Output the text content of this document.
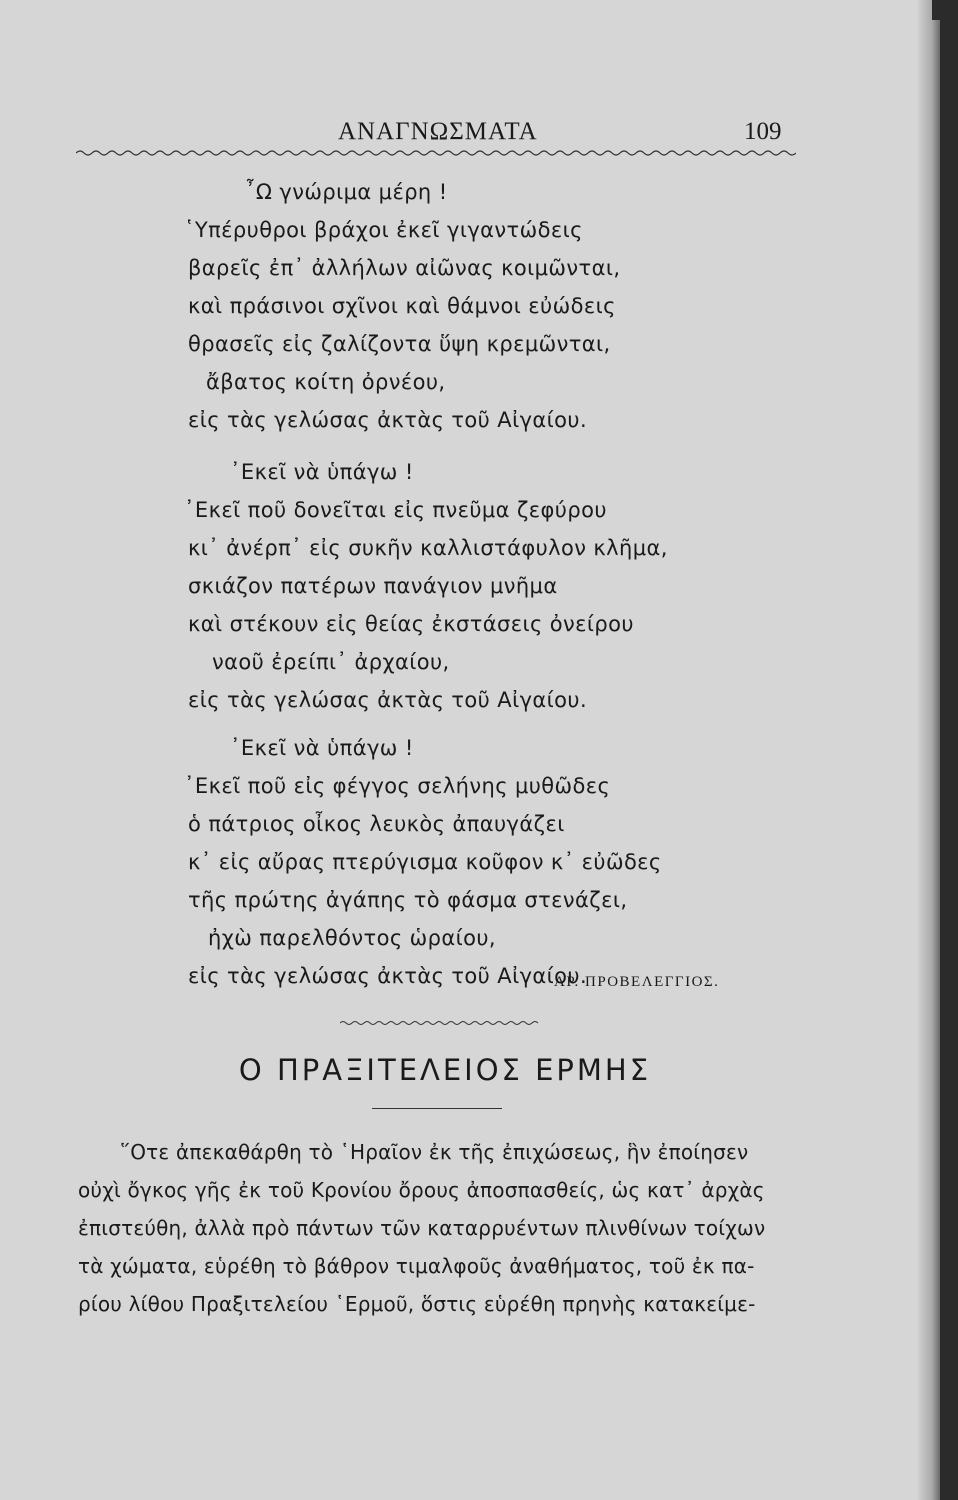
ΑΝΑΓΝΩΣΜΑΤΑ	109
῏Ω γνώριμα μέρη !
῾Υπέρυθροι βράχοι ἐκεῖ γιγαντώδεις
βαρεῖς ἐπ᾽ ἀλλήλων αἰῶνας κοιμῶνται,
καὶ πράσινοι σχῖνοι καὶ θάμνοι εὐώδεις
θρασεῖς εἰς ζαλίζοντα ὕψη κρεμῶνται,
ἄβατος κοίτη ὀρνέου,
εἰς τὰς γελώσας ἀκτὰς τοῦ Αἰγαίου.
᾿Εκεῖ νὰ ὑπάγω !
᾿Εκεῖ ποῦ δονεῖται εἰς πνεῦμα ζεφύρου
κι᾽ ἀνέρπ᾽ εἰς συκῆν καλλιστάφυλον κλῆμα,
σκιάζον πατέρων πανάγιον μνῆμα
καὶ στέκουν εἰς θείας ἐκστάσεις ὀνείρου
ναοῦ ἐρείπι᾽ ἀρχαίου,
εἰς τὰς γελώσας ἀκτὰς τοῦ Αἰγαίου.
᾿Εκεῖ νὰ ὑπάγω !
᾿Εκεῖ ποῦ εἰς φέγγος σελήνης μυθῶδες
ὁ πάτριος οἶκος λευκὸς ἀπαυγάζει
κ᾽ εἰς αὔρας πτερύγισμα κοῦφον κ᾽ εὐῶδες
τῆς πρώτης ἀγάπης τὸ φάσμα στενάζει,
ἠχὼ παρελθόντος ὡραίου,
εἰς τὰς γελώσας ἀκτὰς τοῦ Αἰγαίου.
ΑΡ. ΠΡΟΒΕΛΕΓΓΙΟΣ.
Ο ΠΡΑΞΙΤΕΛΕΙΟΣ ΕΡΜΗΣ
῞Οτε ἀπεκαθάρθη τὸ ῾Ηραῖον ἐκ τῆς ἐπιχώσεως, ἣν ἐποίησεν
οὐχὶ ὄγκος γῆς ἐκ τοῦ Κρονίου ὄρους ἀποσπασθείς, ὡς κατ᾽ ἀρχὰς
ἐπιστεύθη, ἀλλὰ πρὸ πάντων τῶν καταρρυέντων πλινθίνων τοίχων
τὰ χώματα, εὑρέθη τὸ βάθρον τιμαλφοῦς ἀναθήματος, τοῦ ἐκ πα-
ρίου λίθου Πραξιτελείου ῾Ερμοῦ, ὅστις εὑρέθη πρηνὴς κατακείμε-
